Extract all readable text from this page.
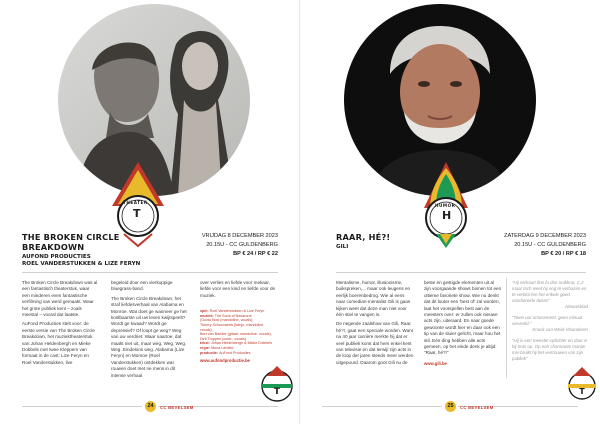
THEATER
T
THE BROKEN CIRCLE
BREAKDOWN
AUFOND PRODUCTIES
ROEL VANDERSTUKKEN & LIZE FERYN
VRIJDAG 8 DECEMBER 2023
20.15U - CC GULDENBERG
BP € 24 / RP € 22

The Broken Circle Breakdown was al een fantastisch theaterstuk, waar een minderen even fantastische verfilming van werd gemaakt. Waar het grote publiek kent – zoals meestal – vooral dat laatste.

AuFond Producties stelt voor: de eerste versie van The Broken Circle Breakdown, het muziektheaterstuk van Johan Heldenbergh en Mieke Dobbels met twee Kleppers van formaat in de cast: Lize Feryn en Roel Vanderstukken, live

begeleid door een vierkoppige bluegrass-band.

The Broken Circle Breakdown, het straf liefdesverhaal van Alabama en Monroe. Wat doet ge wanneer ge het kostbaarste uit uw leven kwijtspeelt? Wordt ge kwaad? Wordt ge depressief? Of loopt ge weg? Weg van uw verdriet. Waar naartoe, dat maakt niet uit, maar weg. Weg. Weg. Weg. Eindeloos weg. Alabama (Lize Feryn) en Monroe (Roel Vanderstukken) ontdekken wat rouwen doet met ne mens in dit intense verhaal

over verlies en liefde voor mekaar, liefde voor een kind en liefde voor de muziek.

spel: Roel Vanderstukken & Lize Feryn
muziek: The Sons of Navarone
(Guido Bosi (mandoline, vocals),
Thierry Schoovaerts (banjo, mandoline, vocals),
Bert van Barbier (gitaar, mandoline, vocals),
Dirk Truppen (contr., vocals)
tekst: Johan Heldenbergh & Mieke Dobbels
regie: Mona Lenfeld
productie: AuFond Producties
www.aufondproductie.be
24	CC BEVELSEM
HUMOR
H
RAAR, HÉ?!
GILI
ZATERDAG 9 DECEMBER 2023
20.15U - CC GULDENBERG
BP € 20 / RP € 18

Mentalisme, humor, illusionisme, buikspreken,... maar ook leugens en eerlijk boerenbedrog. Wie al eens naar comedian-mentalist Gili is gaan kijken weet dat deze man niet voor één stiel te vangen is.

De negende zaalshow van Gili, Raar, hé?!, gaat een speciale worden. Want na 40 jaar carrière merkte hij dat er veel publiek komt dat hem enkel kent van televisie en dat terwijl zijn acts in de loop der jaren steeds meer werden uitgepuurd. Daarom goot Gili nu de

beste en gestigde elementen uit al zijn voorgaande shows binnen tot een ultieme favoriete show. Wie nu denkt dat dit louter een 'best of' zal worden, laat het voorspellen best aan de meesters over: er zullen ook nieuwe acts zijn, uiteraard. En naar goede gewoonte wordt hier en daar ook een tip van de sluier gelicht, maar hou het stil. Eén ding hebben alle acts gemeen, op het einde denk je altijd: "Raar, hé?!"

www.gili.be
"Hij verkaart fine fu dno nnikbrat, C,2 maar toch weet hij nog te verbazen en te verblui-fen het enkele goed voorbereide duses"
Nieuwsblad
"Twee uur amusement, geen minuut verveeld."
Knack van Weid-Vlaanderen
"Hij is een meester-oplichter en daar is hij trots op. Op een charmante manier mis-bruikt hij het vertrouwen van zijn publiek"
25	CC BEVELSEM
T	T
